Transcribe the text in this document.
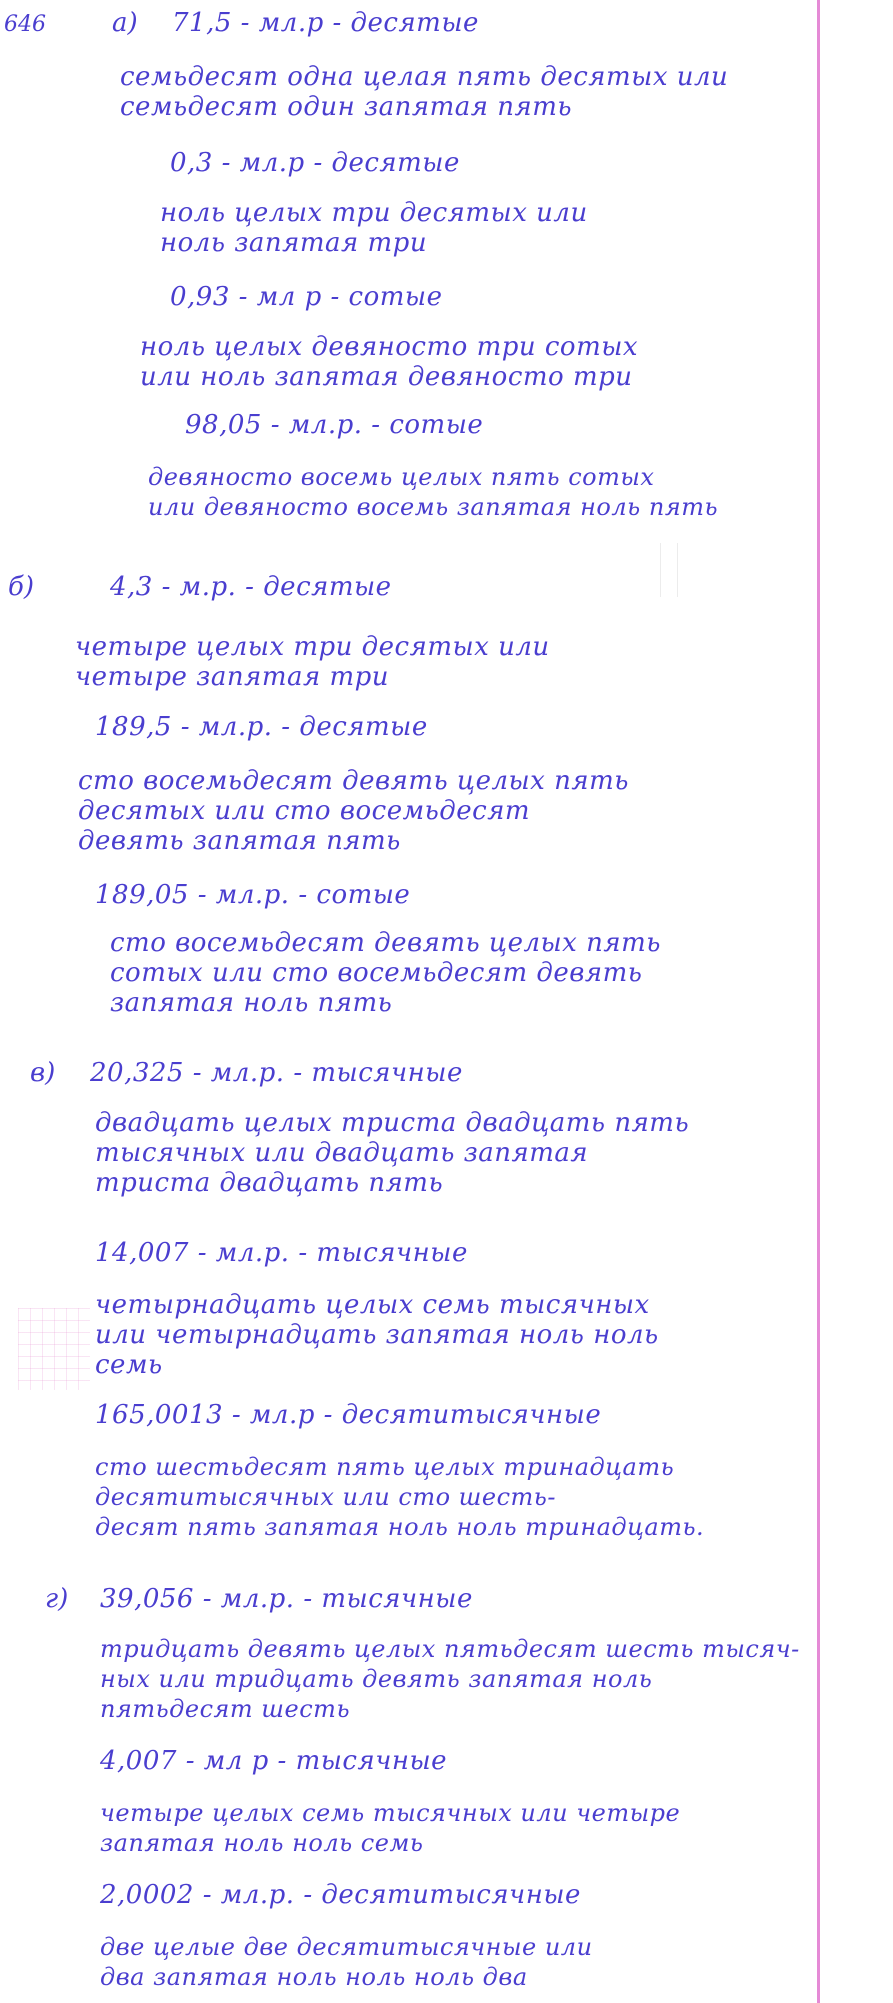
646	а) 71,5 - мл.р - десятые
семьдесят одна целая пять десятых или
семьдесят один запятая пять
0,3 - мл.р - десятые
ноль целых три десятых или
ноль запятая три
0,93 - мл р - сотые
ноль целых девяносто три сотых
или ноль запятая девяносто три
98,05 - мл.р. - сотые
девяносто восемь целых пять сотых
или девяносто восемь запятая ноль пять
б)	4,3 - м.р. - десятые
четыре целых три десятых или
четыре запятая три
189,5 - мл.р. - десятые
сто восемьдесят девять целых пять
десятых или сто восемьдесят
девять запятая пять
189,05 - мл.р. - сотые
сто восемьдесят девять целых пять
сотых или сто восемьдесят девять
запятая ноль пять
в) 20,325 - мл.р. - тысячные
двадцать целых триста двадцать пять
тысячных или двадцать запятая
триста двадцать пять
14,007 - мл.р. - тысячные
четырнадцать целых семь тысячных
или четырнадцать запятая ноль ноль
семь
165,0013 - мл.р - десятитысячные
сто шестьдесят пять целых тринадцать
десятитысячных или сто шесть-
десят пять запятая ноль ноль тринадцать.
г) 39,056 - мл.р. - тысячные
тридцать девять целых пятьдесят шесть тысяч-
ных или тридцать девять запятая ноль
пятьдесят шесть
4,007 - мл р - тысячные
четыре целых семь тысячных или четыре
запятая ноль ноль семь
2,0002 - мл.р. - десятитысячные
две целые две десятитысячные или
два запятая ноль ноль ноль два
